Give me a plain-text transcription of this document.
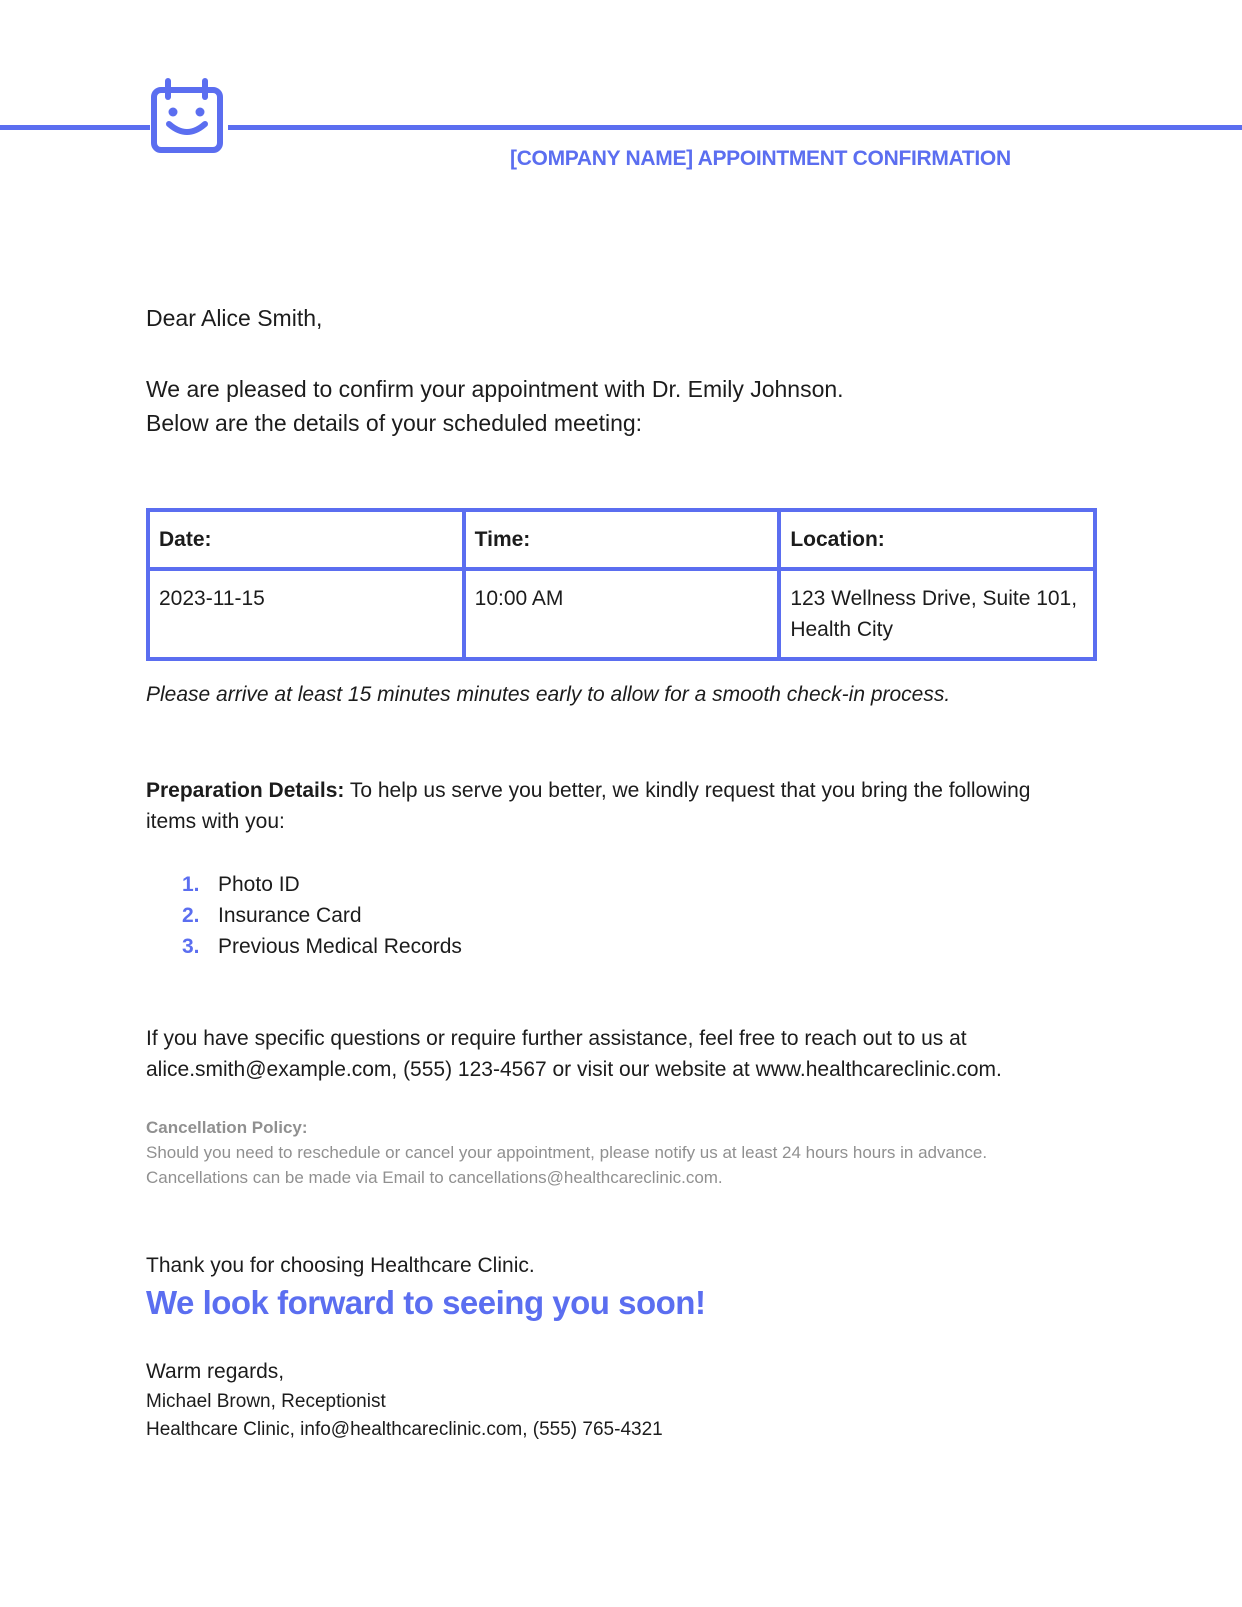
[COMPANY NAME] APPOINTMENT CONFIRMATION
Dear Alice Smith,
We are pleased to confirm your appointment with Dr. Emily Johnson.
Below are the details of your scheduled meeting:
Date:	Time:	Location:
2023-11-15	10:00 AM	123 Wellness Drive, Suite 101, Health City
Please arrive at least 15 minutes minutes early to allow for a smooth check-in process.
Preparation Details: To help us serve you better, we kindly request that you bring the following items with you:
1. Photo ID
2. Insurance Card
3. Previous Medical Records
If you have specific questions or require further assistance, feel free to reach out to us at alice.smith@example.com, (555) 123-4567 or visit our website at www.healthcareclinic.com.
Cancellation Policy:
Should you need to reschedule or cancel your appointment, please notify us at least 24 hours hours in advance.
Cancellations can be made via Email to cancellations@healthcareclinic.com.
Thank you for choosing Healthcare Clinic.
We look forward to seeing you soon!
Warm regards,
Michael Brown, Receptionist
Healthcare Clinic, info@healthcareclinic.com, (555) 765-4321
